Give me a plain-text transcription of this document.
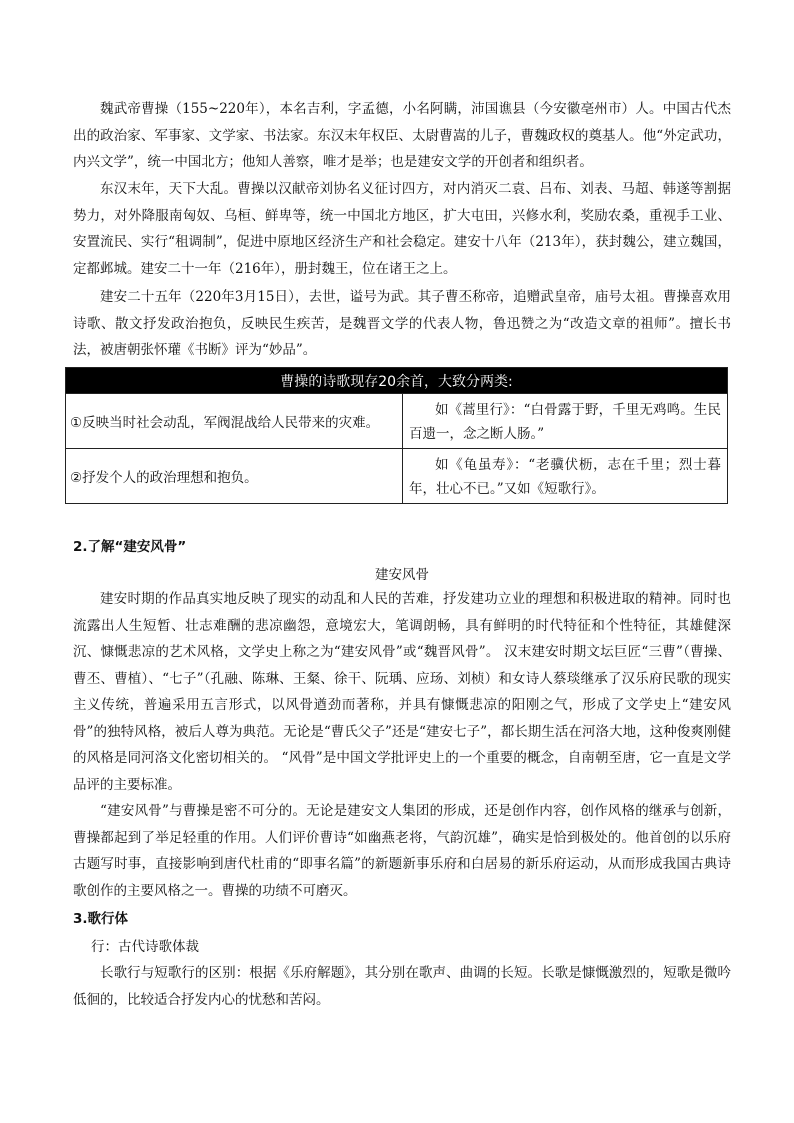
魏武帝曹操（155~220年），本名吉利，字孟德，小名阿瞒，沛国谯县（今安徽亳州市）人。中国古代杰出的政治家、军事家、文学家、书法家。东汉末年权臣、太尉曹嵩的儿子，曹魏政权的奠基人。他“外定武功，内兴文学”，统一中国北方；他知人善察，唯才是举；也是建安文学的开创者和组织者。

东汉末年，天下大乱。曹操以汉献帝刘协名义征讨四方，对内消灭二袁、吕布、刘表、马超、韩遂等割据势力，对外降服南匈奴、乌桓、鲜卑等，统一中国北方地区，扩大屯田，兴修水利，奖励农桑，重视手工业、安置流民、实行“租调制”，促进中原地区经济生产和社会稳定。建安十八年（213年），获封魏公，建立魏国，定都邺城。建安二十一年（216年），册封魏王，位在诸王之上。

建安二十五年（220年3月15日），去世，谥号为武。其子曹丕称帝，追赠武皇帝，庙号太祖。曹操喜欢用诗歌、散文抒发政治抱负，反映民生疾苦，是魏晋文学的代表人物，鲁迅赞之为“改造文章的祖师”。擅长书法，被唐朝张怀瓘《书断》评为“妙品”。

曹操的诗歌现存20余首，大致分两类:	
①反映当时社会动乱，军阀混战给人民带来的灾难。	如《蒿里行》：“白骨露于野，千里无鸡鸣。生民百遗一，念之断人肠。”
②抒发个人的政治理想和抱负。	如《龟虽寿》：“老骥伏枥，志在千里；烈士暮年，壮心不已。”又如《短歌行》。
2.了解“建安风骨”
建安风骨

建安时期的作品真实地反映了现实的动乱和人民的苦难，抒发建功立业的理想和积极进取的精神。同时也流露出人生短暂、壮志难酬的悲凉幽怨，意境宏大，笔调朗畅，具有鲜明的时代特征和个性特征，其雄健深沉、慷慨悲凉的艺术风格，文学史上称之为“建安风骨”或“魏晋风骨”。 汉末建安时期文坛巨匠“三曹”（曹操、曹丕、曹植）、“七子”（孔融、陈琳、王粲、徐干、阮瑀、应玚、刘桢）和女诗人蔡琰继承了汉乐府民歌的现实主义传统，普遍采用五言形式，以风骨遒劲而著称，并具有慷慨悲凉的阳刚之气，形成了文学史上“建安风骨”的独特风格，被后人尊为典范。无论是“曹氏父子”还是“建安七子”，都长期生活在河洛大地，这种俊爽刚健的风格是同河洛文化密切相关的。 “风骨”是中国文学批评史上的一个重要的概念，自南朝至唐，它一直是文学品评的主要标准。

“建安风骨”与曹操是密不可分的。无论是建安文人集团的形成，还是创作内容，创作风格的继承与创新，曹操都起到了举足轻重的作用。人们评价曹诗“如幽燕老将，气韵沉雄”，确实是恰到极处的。他首创的以乐府古题写时事，直接影响到唐代杜甫的“即事名篇”的新题新事乐府和白居易的新乐府运动，从而形成我国古典诗歌创作的主要风格之一。曹操的功绩不可磨灭。

3.歌行体

行：古代诗歌体裁

长歌行与短歌行的区别：根据《乐府解题》，其分别在歌声、曲调的长短。长歌是慷慨激烈的，短歌是微吟低徊的，比较适合抒发内心的忧愁和苦闷。
